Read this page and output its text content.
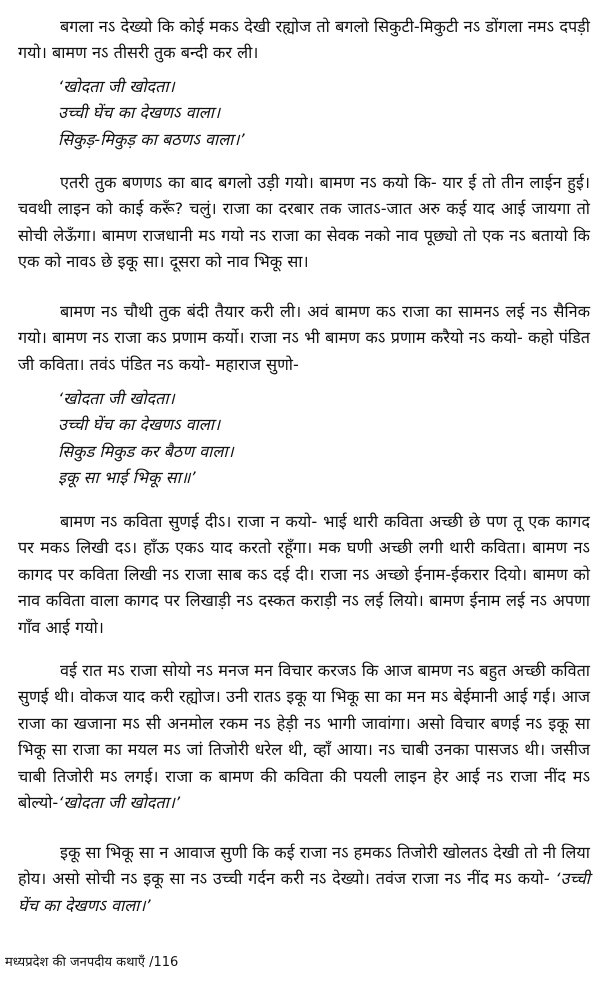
बगला नऽ देख्यो कि कोई मकऽ देखी रह्योज तो बगलो सिकुटी-मिकुटी नऽ डोंगला नमऽ दपड़ी गयो। बामण नऽ तीसरी तुक बन्दी कर ली।

‘खोदता जी खोदता।
उच्ची घेंच का देखणऽ वाला।
सिकुड़-मिकुड़ का बठणऽ वाला।’

एतरी तुक बणणऽ का बाद बगलो उड़ी गयो। बामण नऽ कयो कि- यार ई तो तीन लाईन हुई। चवथी लाइन को काई करूँ? चलुं। राजा का दरबार तक जातऽ-जात अरु कई याद आई जायगा तो सोची लेऊँगा। बामण राजधानी मऽ गयो नऽ राजा का सेवक नको नाव पूछ्यो तो एक नऽ बतायो कि एक को नावऽ छे इकू सा। दूसरा को नाव भिकू सा।

बामण नऽ चौथी तुक बंदी तैयार करी ली। अवं बामण कऽ राजा का सामनऽ लई नऽ सैनिक गयो। बामण नऽ राजा कऽ प्रणाम कर्यो। राजा नऽ भी बामण कऽ प्रणाम करैयो नऽ कयो- कहो पंडित जी कविता। तवंऽ पंडित नऽ कयो- महाराज सुणो-

‘खोदता जी खोदता।
उच्ची घेंच का देखणऽ वाला।
सिकुड मिकुड कर बैठण वाला।
इकू सा भाई भिकू सा॥’

बामण नऽ कविता सुणई दीऽ। राजा न कयो- भाई थारी कविता अच्छी छे पण तू एक कागद पर मकऽ लिखी दऽ। हाँऊ एकऽ याद करतो रहूँगा। मक घणी अच्छी लगी थारी कविता। बामण नऽ कागद पर कविता लिखी नऽ राजा साब कऽ दई दी। राजा नऽ अच्छो ईनाम-ईकरार दियो। बामण को नाव कविता वाला कागद पर लिखाड़ी नऽ दस्कत कराड़ी नऽ लई लियो। बामण ईनाम लई नऽ अपणा गाँव आई गयो।

वई रात मऽ राजा सोयो नऽ मनज मन विचार करजऽ कि आज बामण नऽ बहुत अच्छी कविता सुणई थी। वोकज याद करी रह्योज। उनी रातऽ इकू या भिकू सा का मन मऽ बेईमानी आई गई। आज राजा का खजाना मऽ सी अनमोल रकम नऽ हेड़ी नऽ भागी जावांगा। असो विचार बणई नऽ इकू सा भिकू सा राजा का मयल मऽ जां तिजोरी धरेल थी, व्हाँ आया। नऽ चाबी उनका पासजऽ थी। जसीज चाबी तिजोरी मऽ लगई। राजा क बामण की कविता की पयली लाइन हेर आई नऽ राजा नींद मऽ बोल्यो-‘खोदता जी खोदता।’

इकू सा भिकू सा न आवाज सुणी कि कई राजा नऽ हमकऽ तिजोरी खोलतऽ देखी तो नी लिया होय। असो सोची नऽ इकू सा नऽ उच्ची गर्दन करी नऽ देख्यो। तवंज राजा नऽ नींद मऽ कयो- ‘उच्ची घेंच का देखणऽ वाला।’

मध्यप्रदेश की जनपदीय कथाएँ /116
